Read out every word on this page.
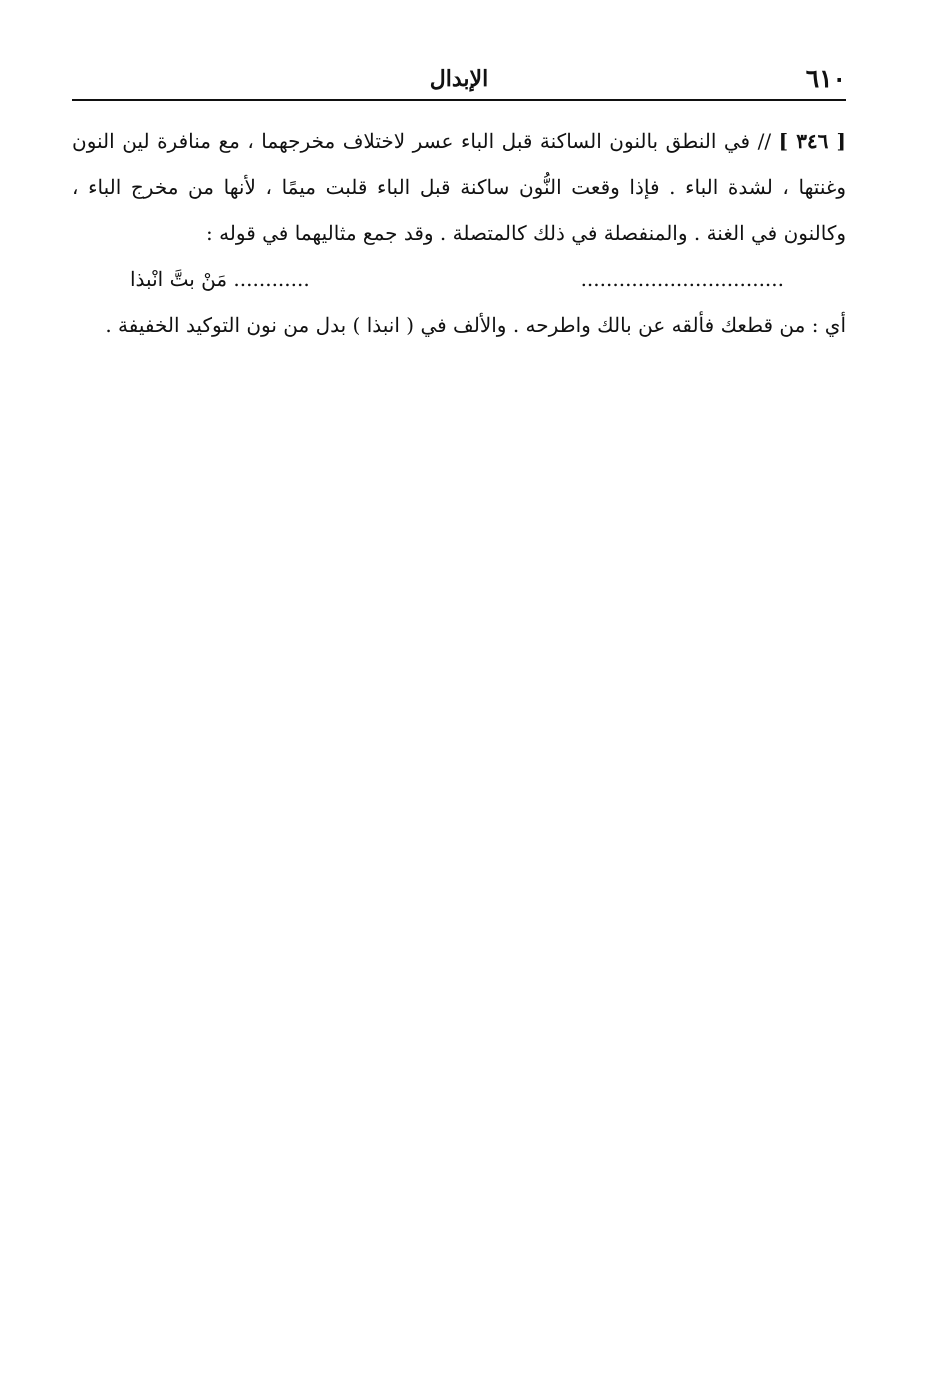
٦١٠
الإبدال

[ ٣٤٦ ] // في النطق بالنون الساكنة قبل الباء عسر لاختلاف مخرجهما ، مع منافرة لين النون وغنتها ، لشدة الباء . فإذا وقعت النُّون ساكنة قبل الباء قلبت ميمًا ، لأنها من مخرج الباء ، وكالنون في الغنة . والمنفصلة في ذلك كالمتصلة . وقد جمع مثاليهما في قوله :

................................
............ مَنْ بتَّ انْبذا

أي : من قطعك فألقه عن بالك واطرحه . والألف في ( انبذا ) بدل من نون التوكيد الخفيفة .
